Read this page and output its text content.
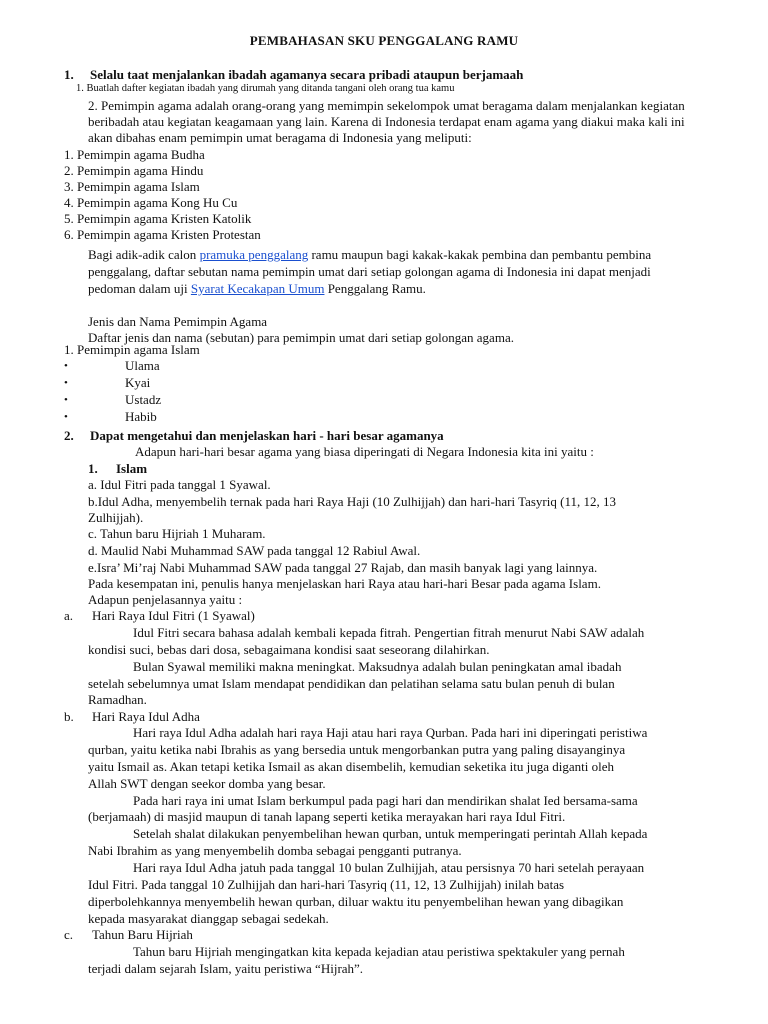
PEMBAHASAN SKU PENGGALANG RAMU
1. Selalu taat menjalankan ibadah agamanya secara pribadi ataupun berjamaah
1. Buatlah dafter kegiatan ibadah yang dirumah yang ditanda tangani oleh orang tua kamu
2. Pemimpin agama adalah orang-orang yang memimpin sekelompok umat beragama dalam menjalankan kegiatan
beribadah atau kegiatan keagamaan yang lain. Karena di Indonesia terdapat enam agama yang diakui maka kali ini
akan dibahas enam pemimpin umat beragama di Indonesia yang meliputi:
1. Pemimpin agama Budha
2. Pemimpin agama Hindu
3. Pemimpin agama Islam
4. Pemimpin agama Kong Hu Cu
5. Pemimpin agama Kristen Katolik
6. Pemimpin agama Kristen Protestan
Bagi adik-adik calon pramuka penggalang ramu maupun bagi kakak-kakak pembina dan pembantu pembina
penggalang, daftar sebutan nama pemimpin umat dari setiap golongan agama di Indonesia ini dapat menjadi
pedoman dalam uji Syarat Kecakapan Umum Penggalang Ramu.
Jenis dan Nama Pemimpin Agama
Daftar jenis dan nama (sebutan) para pemimpin umat dari setiap golongan agama.
1. Pemimpin agama Islam
•	Ulama
•	Kyai
•	Ustadz
•	Habib
2. Dapat mengetahui dan menjelaskan hari - hari besar agamanya
Adapun hari-hari besar agama yang biasa diperingati di Negara Indonesia kita ini yaitu :
1. Islam
a. Idul Fitri pada tanggal 1 Syawal.
b.Idul Adha, menyembelih ternak pada hari Raya Haji (10 Zulhijjah) dan hari-hari Tasyriq (11, 12, 13
Zulhijjah).
c. Tahun baru Hijriah 1 Muharam.
d. Maulid Nabi Muhammad SAW pada tanggal 12 Rabiul Awal.
e.Isra’ Mi’raj Nabi Muhammad SAW pada tanggal 27 Rajab, dan masih banyak lagi yang lainnya.
Pada kesempatan ini, penulis hanya menjelaskan hari Raya atau hari-hari Besar pada agama Islam.
Adapun penjelasannya yaitu :
a. Hari Raya Idul Fitri (1 Syawal)
Idul Fitri secara bahasa adalah kembali kepada fitrah. Pengertian fitrah menurut Nabi SAW adalah
kondisi suci, bebas dari dosa, sebagaimana kondisi saat seseorang dilahirkan.
Bulan Syawal memiliki makna meningkat. Maksudnya adalah bulan peningkatan amal ibadah
setelah sebelumnya umat Islam mendapat pendidikan dan pelatihan selama satu bulan penuh di bulan
Ramadhan.
b. Hari Raya Idul Adha
Hari raya Idul Adha adalah hari raya Haji atau hari raya Qurban. Pada hari ini diperingati peristiwa
qurban, yaitu ketika nabi Ibrahis as yang bersedia untuk mengorbankan putra yang paling disayanginya
yaitu Ismail as. Akan tetapi ketika Ismail as akan disembelih, kemudian seketika itu juga diganti oleh
Allah SWT dengan seekor domba yang besar.
Pada hari raya ini umat Islam berkumpul pada pagi hari dan mendirikan shalat Ied bersama-sama
(berjamaah) di masjid maupun di tanah lapang seperti ketika merayakan hari raya Idul Fitri.
Setelah shalat dilakukan penyembelihan hewan qurban, untuk memperingati perintah Allah kepada
Nabi Ibrahim as yang menyembelih domba sebagai pengganti putranya.
Hari raya Idul Adha jatuh pada tanggal 10 bulan Zulhijjah, atau persisnya 70 hari setelah perayaan
Idul Fitri. Pada tanggal 10 Zulhijjah dan hari-hari Tasyriq (11, 12, 13 Zulhijjah) inilah batas
diperbolehkannya menyembelih hewan qurban, diluar waktu itu penyembelihan hewan yang dibagikan
kepada masyarakat dianggap sebagai sedekah.
c. Tahun Baru Hijriah
Tahun baru Hijriah mengingatkan kita kepada kejadian atau peristiwa spektakuler yang pernah
terjadi dalam sejarah Islam, yaitu peristiwa “Hijrah”.
